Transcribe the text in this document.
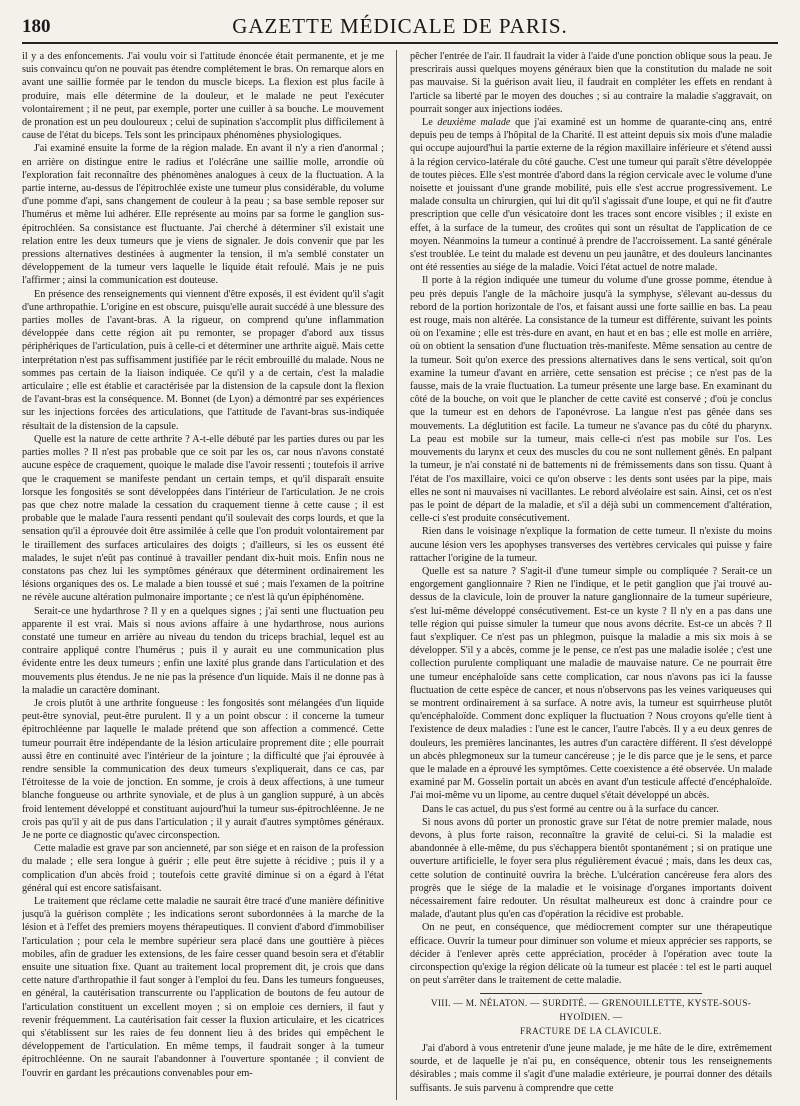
180	GAZETTE MÉDICALE DE PARIS.

il y a des enfoncements. J'ai voulu voir si l'attitude énoncée était permanente, et je me suis convaincu qu'on ne pouvait pas étendre complétement le bras. On remarque alors en avant une saillie formée par le tendon du muscle biceps. La flexion est plus facile à produire, mais elle détermine de la douleur, et le malade ne peut l'exécuter volontairement ; il ne peut, par exemple, porter une cuiller à sa bouche. Le mouvement de pronation est un peu douloureux ; celui de supination s'accomplit plus difficilement à cause de l'état du biceps. Tels sont les principaux phénomènes physiologiques.

J'ai examiné ensuite la forme de la région malade. En avant il n'y a rien d'anormal ; en arrière on distingue entre le radius et l'olécrâne une saillie molle, arrondie où l'exploration fait reconnaître des phénomènes analogues à ceux de la fluctuation. A la partie interne, au-dessus de l'épitrochlée existe une tumeur plus considérable, du volume d'une pomme d'api, sans changement de couleur à la peau ; sa base semble reposer sur l'humérus et même lui adhérer. Elle représente au moins par sa forme le ganglion sus-épitrochléen. Sa consistance est fluctuante. J'ai cherché à déterminer s'il existait une relation entre les deux tumeurs que je viens de signaler. Je dois convenir que par les pressions alternatives destinées à augmenter la tension, il m'a semblé constater un développement de la tumeur vers laquelle le liquide était refoulé. Mais je ne puis l'affirmer ; ainsi la communication est douteuse.

En présence des renseignements qui viennent d'être exposés, il est évident qu'il s'agit d'une arthropathie. L'origine en est obscure, puisqu'elle aurait succédé à une blessure des parties molles de l'avant-bras. A la rigueur, on comprend qu'une inflammation développée dans cette région ait pu remonter, se propager d'abord aux tissus périphériques de l'articulation, puis à celle-ci et déterminer une arthrite aiguë. Mais cette interprétation n'est pas suffisamment justifiée par le récit embrouillé du malade. Nous ne sommes pas certain de la liaison indiquée. Ce qu'il y a de certain, c'est la maladie articulaire ; elle est établie et caractérisée par la distension de la capsule dont la flexion de l'avant-bras est la conséquence. M. Bonnet (de Lyon) a démontré par ses expériences sur les injections forcées des articulations, que l'attitude de l'avant-bras sus-indiquée résultait de la distension de la capsule.

Quelle est la nature de cette arthrite ? A-t-elle débuté par les parties dures ou par les parties molles ? Il n'est pas probable que ce soit par les os, car nous n'avons constaté aucune espèce de craquement, quoique le malade dise l'avoir ressenti ; toutefois il arrive que le craquement se manifeste pendant un certain temps, et qu'il disparaît ensuite lorsque les fongosités se sont développées dans l'intérieur de l'articulation. Je ne crois pas que chez notre malade la cessation du craquement tienne à cette cause ; il est probable que le malade l'aura ressenti pendant qu'il soulevait des corps lourds, et que la sensation qu'il a éprouvée doit être assimilée à celle que l'on produit volontairement par le tiraillement des surfaces articulaires des doigts ; d'ailleurs, si les os eussent été malades, le sujet n'eût pas continué à travailler pendant dix-huit mois. Enfin nous ne constatons pas chez lui les symptômes généraux que déterminent ordinairement les lésions organiques des os. Le malade a bien toussé et sué ; mais l'examen de la poitrine ne révèle aucune altération pulmonaire importante ; ce n'est là qu'un épiphénomène.

Serait-ce une hydarthrose ? Il y en a quelques signes ; j'ai senti une fluctuation peu apparente il est vrai. Mais si nous avions affaire à une hydarthrose, nous aurions constaté une tumeur en arrière au niveau du tendon du triceps brachial, lequel est au contraire appliqué contre l'humérus ; puis il y aurait eu une communication plus évidente entre les deux tumeurs ; enfin une laxité plus grande dans l'articulation et des mouvements plus étendus. Je ne nie pas la présence d'un liquide. Mais il ne donne pas à la maladie un caractère dominant.

Je crois plutôt à une arthrite fongueuse : les fongosités sont mélangées d'un liquide peut-être synovial, peut-être purulent. Il y a un point obscur : il concerne la tumeur épitrochléenne par laquelle le malade prétend que son affection a commencé. Cette tumeur pourrait être indépendante de la lésion articulaire proprement dite ; elle pourrait aussi être en continuité avec l'intérieur de la jointure ; la difficulté que j'ai éprouvée à rendre sensible la communication des deux tumeurs s'expliquerait, dans ce cas, par l'étroitesse de la voie de jonction. En somme, je crois à deux affections, à une tumeur blanche fongueuse ou arthrite synoviale, et de plus à un ganglion suppuré, à un abcès froid lentement développé et constituant aujourd'hui la tumeur sus-épitrochléenne. Je ne crois pas qu'il y ait de pus dans l'articulation ; il y aurait d'autres symptômes généraux. Je ne porte ce diagnostic qu'avec circonspection.

Cette maladie est grave par son ancienneté, par son siége et en raison de la profession du malade ; elle sera longue à guérir ; elle peut être sujette à récidive ; puis il y a complication d'un abcès froid ; toutefois cette gravité diminue si on a égard à l'état général qui est encore satisfaisant.

Le traitement que réclame cette maladie ne saurait être tracé d'une manière définitive jusqu'à la guérison complète ; les indications seront subordonnées à la marche de la lésion et à l'effet des premiers moyens thérapeutiques. Il convient d'abord d'immobiliser l'articulation ; pour cela le membre supérieur sera placé dans une gouttière à pièces mobiles, afin de graduer les extensions, de les faire cesser quand besoin sera et d'établir ensuite une situation fixe. Quant au traitement local proprement dit, je crois que dans cette nature d'arthropathie il faut songer à l'emploi du feu. Dans les tumeurs fongueuses, en général, la cautérisation transcurrente ou l'application de boutons de feu autour de l'articulation constituent un excellent moyen ; si on emploie ces derniers, il faut y revenir fréquemment. La cautérisation fait cesser la fluxion articulaire, et les cicatrices qui s'établissent sur les raies de feu donnent lieu à des brides qui empêchent le développement de l'articulation. En même temps, il faudrait songer à la tumeur épitrochléenne. On ne saurait l'abandonner à l'ouverture spontanée ; il convient de l'ouvrir en gardant les précautions convenables pour em-

pêcher l'entrée de l'air. Il faudrait la vider à l'aide d'une ponction oblique sous la peau. Je prescrirais aussi quelques moyens généraux bien que la constitution du malade ne soit pas mauvaise. Si la guérison avait lieu, il faudrait en compléter les effets en rendant à l'article sa liberté par le moyen des douches ; si au contraire la maladie s'aggravait, on pourrait songer aux injections iodées.

Le deuxième malade que j'ai examiné est un homme de quarante-cinq ans, entré depuis peu de temps à l'hôpital de la Charité. Il est atteint depuis six mois d'une maladie qui occupe aujourd'hui la partie externe de la région maxillaire inférieure et s'étend aussi à la région cervico-latérale du côté gauche. C'est une tumeur qui paraît s'être développée de toutes pièces. Elle s'est montrée d'abord dans la région cervicale avec le volume d'une noisette et jouissant d'une grande mobilité, puis elle s'est accrue progressivement. Le malade consulta un chirurgien, qui lui dit qu'il s'agissait d'une loupe, et qui ne fit d'autre prescription que celle d'un vésicatoire dont les traces sont encore visibles ; il existe en effet, à la surface de la tumeur, des croûtes qui sont un résultat de l'application de ce moyen. Néanmoins la tumeur a continué à prendre de l'accroissement. La santé générale s'est troublée. Le teint du malade est devenu un peu jaunâtre, et des douleurs lancinantes ont été ressenties au siége de la maladie. Voici l'état actuel de notre malade.

Il porte à la région indiquée une tumeur du volume d'une grosse pomme, étendue à peu près depuis l'angle de la mâchoire jusqu'à la symphyse, s'élevant au-dessus du rebord de la portion horizontale de l'os, et faisant aussi une forte saillie en bas. La peau est rouge, mais non altérée. La consistance de la tumeur est différente, suivant les points où on l'examine ; elle est très-dure en avant, en haut et en bas ; elle est molle en arrière, où on obtient la sensation d'une fluctuation très-manifeste. Même sensation au centre de la tumeur. Soit qu'on exerce des pressions alternatives dans le sens vertical, soit qu'on examine la tumeur d'avant en arrière, cette sensation est précise ; ce n'est pas de la fausse, mais de la vraie fluctuation. La tumeur présente une large base. En examinant du côté de la bouche, on voit que le plancher de cette cavité est conservé ; d'où je conclus que la tumeur est en dehors de l'aponévrose. La langue n'est pas gênée dans ses mouvements. La déglutition est facile. La tumeur ne s'avance pas du côté du pharynx. La peau est mobile sur la tumeur, mais celle-ci n'est pas mobile sur l'os. Les mouvements du larynx et ceux des muscles du cou ne sont nullement gênés. En palpant la tumeur, je n'ai constaté ni de battements ni de frémissements dans son tissu. Quant à l'état de l'os maxillaire, voici ce qu'on observe : les dents sont usées par la pipe, mais elles ne sont ni mauvaises ni vacillantes. Le rebord alvéolaire est sain. Ainsi, cet os n'est pas le point de départ de la maladie, et s'il a déjà subi un commencement d'altération, celle-ci s'est produite consécutivement.

Rien dans le voisinage n'explique la formation de cette tumeur. Il n'existe du moins aucune lésion vers les apophyses transverses des vertèbres cervicales qui puisse y faire rattacher l'origine de la tumeur.

Quelle est sa nature ? S'agit-il d'une tumeur simple ou compliquée ? Serait-ce un engorgement ganglionnaire ? Rien ne l'indique, et le petit ganglion que j'ai trouvé au-dessus de la clavicule, loin de prouver la nature ganglionnaire de la tumeur supérieure, s'est lui-même développé consécutivement. Est-ce un kyste ? Il n'y en a pas dans une telle région qui puisse simuler la tumeur que nous avons décrite. Est-ce un abcès ? Il faut s'expliquer. Ce n'est pas un phlegmon, puisque la maladie a mis six mois à se développer. S'il y a abcès, comme je le pense, ce n'est pas une maladie isolée ; c'est une collection purulente compliquant une maladie de mauvaise nature. Ce ne pourrait être une tumeur encéphaloïde sans cette complication, car nous n'avons pas ici la fausse fluctuation de cette espèce de cancer, et nous n'observons pas les veines variqueuses qui se montrent ordinairement à sa surface. A notre avis, la tumeur est squirrheuse plutôt qu'encéphaloïde. Comment donc expliquer la fluctuation ? Nous croyons qu'elle tient à l'existence de deux maladies : l'une est le cancer, l'autre l'abcès. Il y a eu deux genres de douleurs, les premières lancinantes, les autres d'un caractère différent. Il s'est développé un abcès phlegmoneux sur la tumeur cancéreuse ; je le dis parce que je le sens, et parce que le malade en a éprouvé les symptômes. Cette coexistence a été observée. Un malade examiné par M. Gosselin portait un abcès en avant d'un testicule affecté d'encéphaloïde. J'ai moi-même vu un lipome, au centre duquel s'était développé un abcès.

Dans le cas actuel, du pus s'est formé au centre ou à la surface du cancer.

Si nous avons dû porter un pronostic grave sur l'état de notre premier malade, nous devons, à plus forte raison, reconnaître la gravité de celui-ci. Si la maladie est abandonnée à elle-même, du pus s'échappera bientôt spontanément ; si on pratique une ouverture artificielle, le foyer sera plus régulièrement évacué ; mais, dans les deux cas, cette solution de continuité ouvrira la brèche. L'ulcération cancéreuse fera alors des progrès que le siége de la maladie et le voisinage d'organes importants doivent nécessairement faire redouter. Un résultat malheureux est donc à craindre pour ce malade, d'autant plus qu'en cas d'opération la récidive est probable.

On ne peut, en conséquence, que médiocrement compter sur une thérapeutique efficace. Ouvrir la tumeur pour diminuer son volume et mieux apprécier ses rapports, se décider à l'enlever après cette appréciation, procéder à l'opération avec toute la circonspection qu'exige la région délicate où la tumeur est placée : tel est le parti auquel on peut s'arrêter dans le traitement de cette maladie.

VIII. — M. NÉLATON. — SURDITÉ. — GRENOUILLETTE, KYSTE-SOUS-HYOÏDIEN. —
FRACTURE DE LA CLAVICULE.

J'ai d'abord à vous entretenir d'une jeune malade, je me hâte de le dire, extrêmement sourde, et de laquelle je n'ai pu, en conséquence, obtenir tous les renseignements désirables ; mais comme il s'agit d'une maladie extérieure, je pourrai donner des détails suffisants. Je suis parvenu à comprendre que cette
